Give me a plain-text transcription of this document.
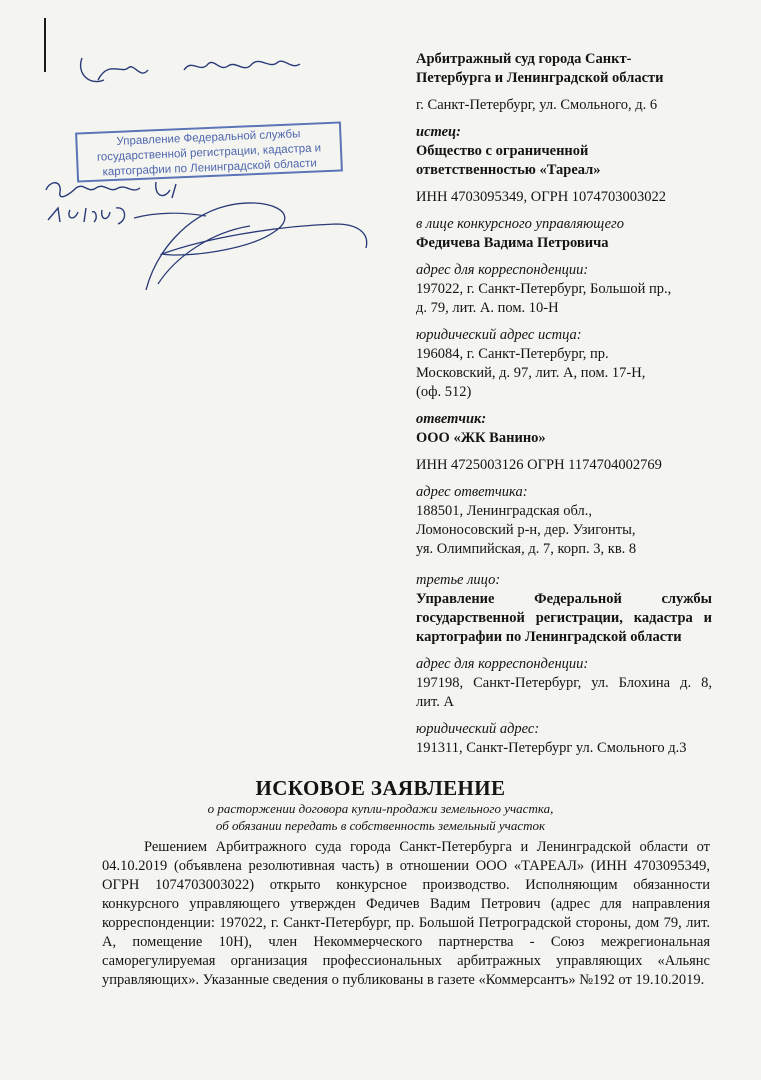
Управление Федеральной службы
государственной регистрации, кадастра и
картографии по Ленинградской области
Арбитражный суд города Санкт-
Петербурга и Ленинградской области
г. Санкт-Петербург, ул. Смольного, д. 6
истец:
Общество с ограниченной
ответственностью «Тареал»
ИНН 4703095349, ОГРН 1074703003022
в лице конкурсного управляющего
Федичева Вадима Петровича
адрес для корреспонденции:
197022, г. Санкт-Петербург, Большой пр.,
д. 79, лит. А. пом. 10-Н
юридический адрес истца:
196084, г. Санкт-Петербург, пр.
Московский, д. 97, лит. А, пом. 17-Н,
(оф. 512)
ответчик:
ООО «ЖК Ванино»
ИНН 4725003126 ОГРН 1174704002769
адрес ответчика:
188501, Ленинградская обл.,
Ломоносовский р-н, дер. Узигонты,
уя. Олимпийская, д. 7, корп. 3, кв. 8
третье лицо:
Управление Федеральной службы
государственной регистрации, кадастра и
картографии по Ленинградской области
адрес для корреспонденции:
197198, Санкт-Петербург, ул. Блохина д. 8,
лит. А
юридический адрес:
191311, Санкт-Петербург ул. Смольного д.3
ИСКОВОЕ ЗАЯВЛЕНИЕ
о расторжении договора купли-продажи земельного участка,
об обязании передать в собственность земельный участок
Решением Арбитражного суда города Санкт-Петербурга и Ленинградской области от 04.10.2019 (объявлена резолютивная часть) в отношении ООО «ТАРЕАЛ» (ИНН 4703095349, ОГРН 1074703003022) открыто конкурсное производство. Исполняющим обязанности конкурсного управляющего утвержден Федичев Вадим Петрович (адрес для направления корреспонденции: 197022, г. Санкт-Петербург, пр. Большой Петроградской стороны, дом 79, лит. А, помещение 10Н), член Некоммерческого партнерства - Союз межрегиональная саморегулируемая организация профессиональных арбитражных управляющих «Альянс управляющих». Указанные сведения о публикованы в газете «Коммерсантъ» №192 от 19.10.2019.
